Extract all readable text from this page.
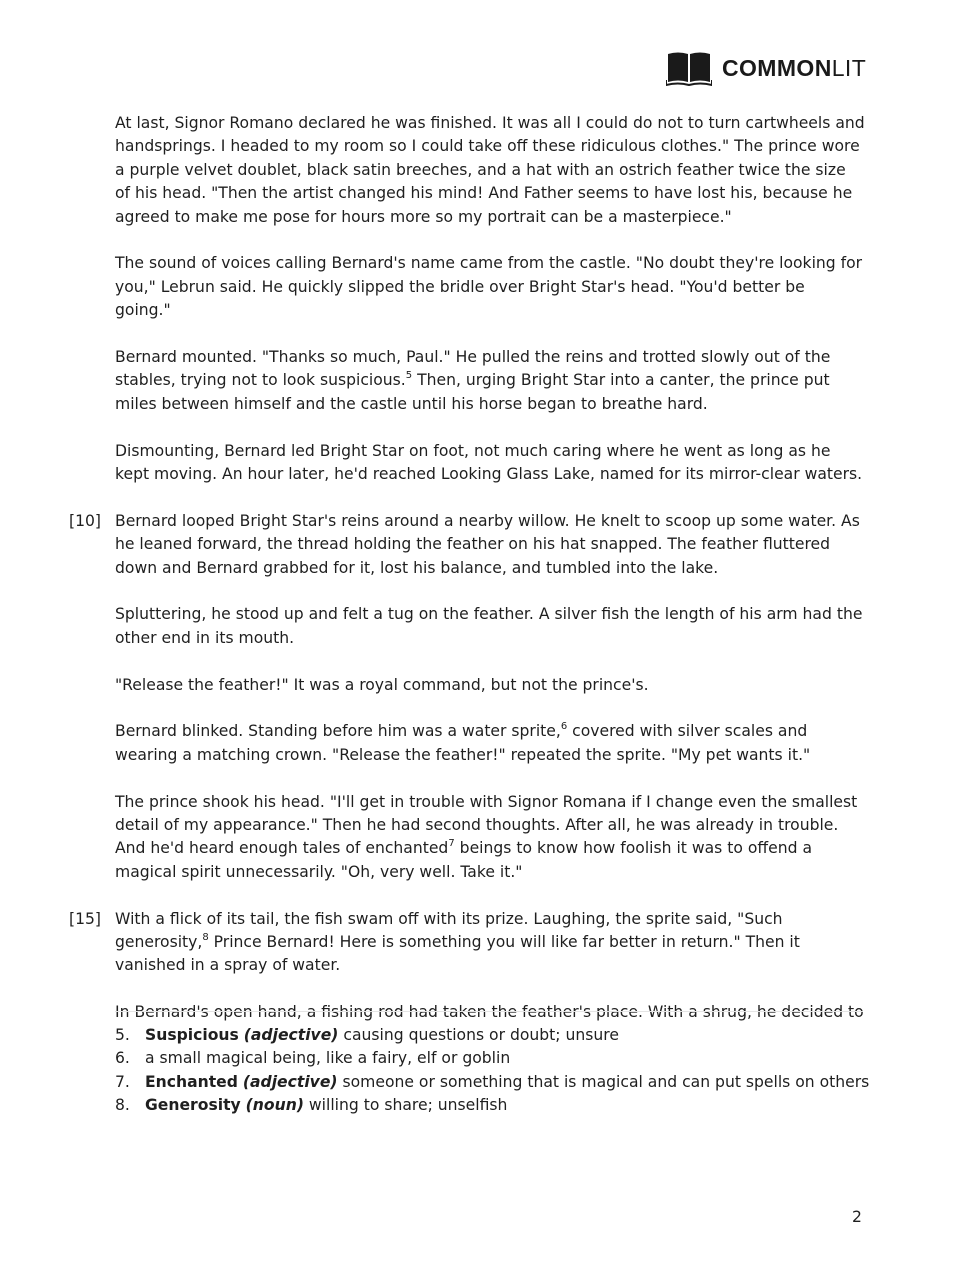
COMMONLIT
At last, Signor Romano declared he was finished. It was all I could do not to turn cartwheels and handsprings. I headed to my room so I could take off these ridiculous clothes." The prince wore a purple velvet doublet, black satin breeches, and a hat with an ostrich feather twice the size of his head. "Then the artist changed his mind! And Father seems to have lost his, because he agreed to make me pose for hours more so my portrait can be a masterpiece."
The sound of voices calling Bernard's name came from the castle. "No doubt they're looking for you," Lebrun said. He quickly slipped the bridle over Bright Star's head. "You'd better be going."
Bernard mounted. "Thanks so much, Paul." He pulled the reins and trotted slowly out of the stables, trying not to look suspicious.$^5$ Then, urging Bright Star into a canter, the prince put miles between himself and the castle until his horse began to breathe hard.
Dismounting, Bernard led Bright Star on foot, not much caring where he went as long as he kept moving. An hour later, he'd reached Looking Glass Lake, named for its mirror-clear waters.
[10] Bernard looped Bright Star's reins around a nearby willow. He knelt to scoop up some water. As he leaned forward, the thread holding the feather on his hat snapped. The feather fluttered down and Bernard grabbed for it, lost his balance, and tumbled into the lake.
Spluttering, he stood up and felt a tug on the feather. A silver fish the length of his arm had the other end in its mouth.
"Release the feather!" It was a royal command, but not the prince's.
Bernard blinked. Standing before him was a water sprite,$^6$ covered with silver scales and wearing a matching crown. "Release the feather!" repeated the sprite. "My pet wants it."
The prince shook his head. "I'll get in trouble with Signor Romana if I change even the smallest detail of my appearance." Then he had second thoughts. After all, he was already in trouble. And he'd heard enough tales of enchanted$^7$ beings to know how foolish it was to offend a magical spirit unnecessarily. "Oh, very well. Take it."
[15] With a flick of its tail, the fish swam off with its prize. Laughing, the sprite said, "Such generosity,$^8$ Prince Bernard! Here is something you will like far better in return." Then it vanished in a spray of water.
In Bernard's open hand, a fishing rod had taken the feather's place. With a shrug, he decided to
5. Suspicious (adjective) causing questions or doubt; unsure
6. a small magical being, like a fairy, elf or goblin
7. Enchanted (adjective) someone or something that is magical and can put spells on others
8. Generosity (noun) willing to share; unselfish
2
